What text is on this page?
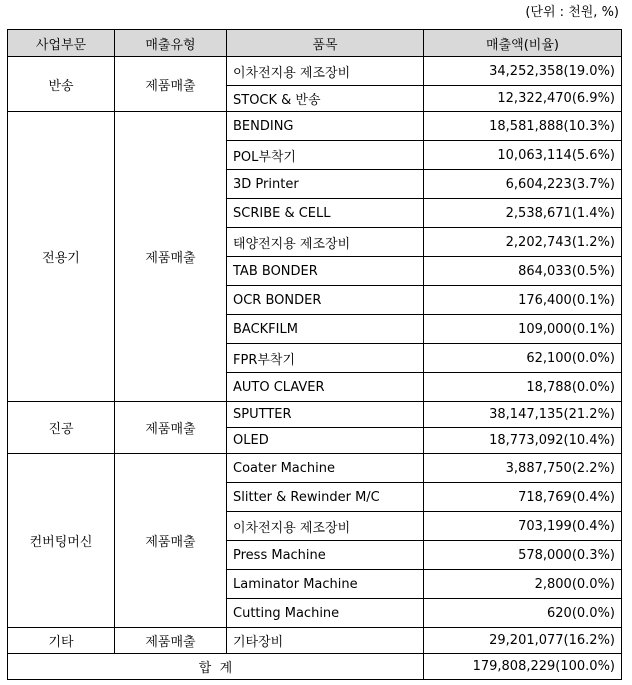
(단위 : 천원, %)
사업부문	매출유형	품목	매출액(비율)
반송	제품매출	이차전지용 제조장비	34,252,358(19.0%)
		STOCK & 반송	12,322,470(6.9%)
전용기	제품매출	BENDING	18,581,888(10.3%)
		POL부착기	10,063,114(5.6%)
		3D Printer	6,604,223(3.7%)
		SCRIBE & CELL	2,538,671(1.4%)
		태양전지용 제조장비	2,202,743(1.2%)
		TAB BONDER	864,033(0.5%)
		OCR BONDER	176,400(0.1%)
		BACKFILM	109,000(0.1%)
		FPR부착기	62,100(0.0%)
		AUTO CLAVER	18,788(0.0%)
진공	제품매출	SPUTTER	38,147,135(21.2%)
		OLED	18,773,092(10.4%)
컨버팅머신	제품매출	Coater Machine	3,887,750(2.2%)
		Slitter & Rewinder M/C	718,769(0.4%)
		이차전지용 제조장비	703,199(0.4%)
		Press Machine	578,000(0.3%)
		Laminator Machine	2,800(0.0%)
		Cutting Machine	620(0.0%)
기타	제품매출	기타장비	29,201,077(16.2%)
합  계			179,808,229(100.0%)
